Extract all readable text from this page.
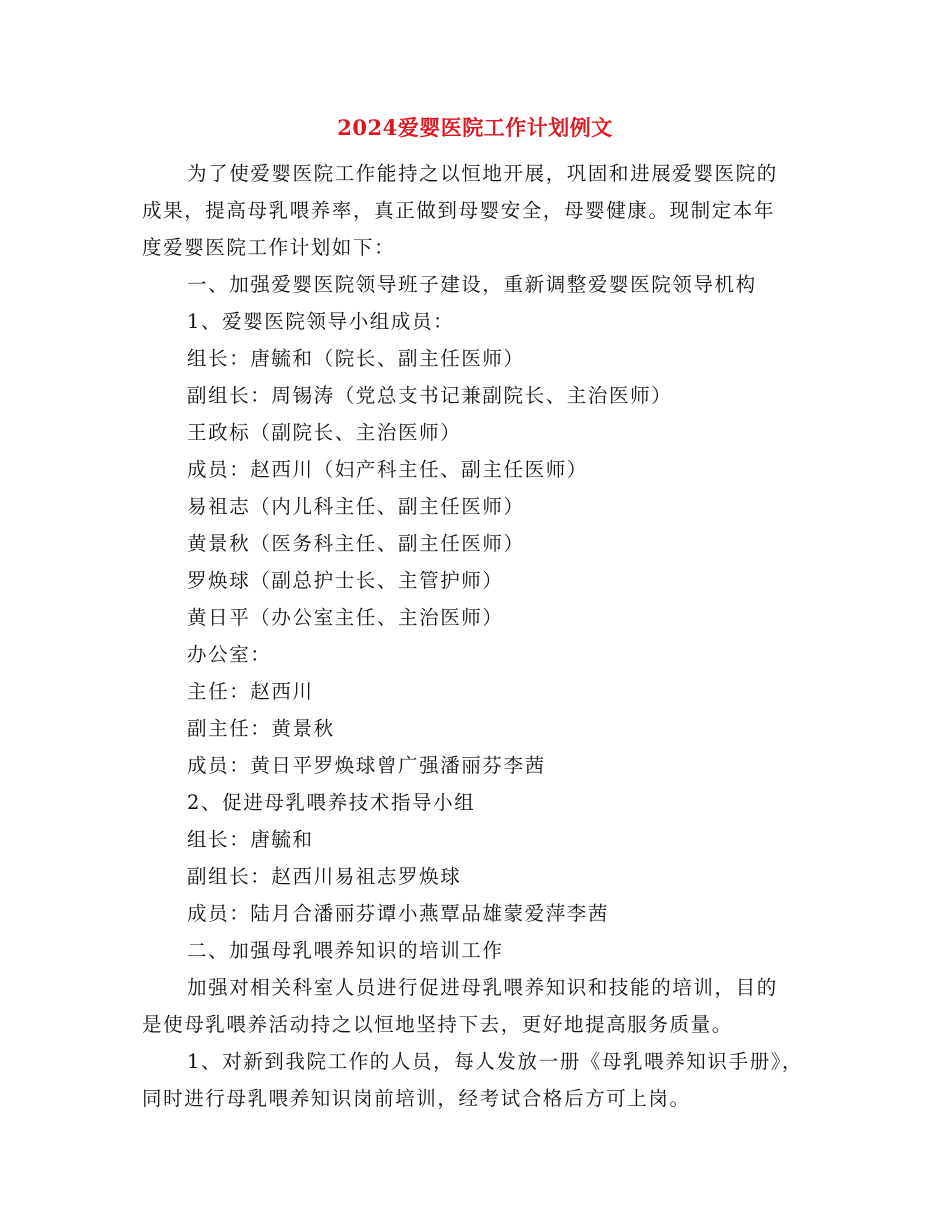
2024爱婴医院工作计划例文
为了使爱婴医院工作能持之以恒地开展，巩固和进展爱婴医院的
成果，提高母乳喂养率，真正做到母婴安全，母婴健康。现制定本年
度爱婴医院工作计划如下：
一、加强爱婴医院领导班子建设，重新调整爱婴医院领导机构
1、爱婴医院领导小组成员：
组长：唐毓和（院长、副主任医师）
副组长：周锡涛（党总支书记兼副院长、主治医师）
王政标（副院长、主治医师）
成员：赵西川（妇产科主任、副主任医师）
易祖志（内儿科主任、副主任医师）
黄景秋（医务科主任、副主任医师）
罗焕球（副总护士长、主管护师）
黄日平（办公室主任、主治医师）
办公室：
主任：赵西川
副主任：黄景秋
成员：黄日平罗焕球曾广强潘丽芬李茜
2、促进母乳喂养技术指导小组
组长：唐毓和
副组长：赵西川易祖志罗焕球
成员：陆月合潘丽芬谭小燕覃品雄蒙爱萍李茜
二、加强母乳喂养知识的培训工作
加强对相关科室人员进行促进母乳喂养知识和技能的培训，目的
是使母乳喂养活动持之以恒地坚持下去，更好地提高服务质量。
1、对新到我院工作的人员，每人发放一册《母乳喂养知识手册》，
同时进行母乳喂养知识岗前培训，经考试合格后方可上岗。
